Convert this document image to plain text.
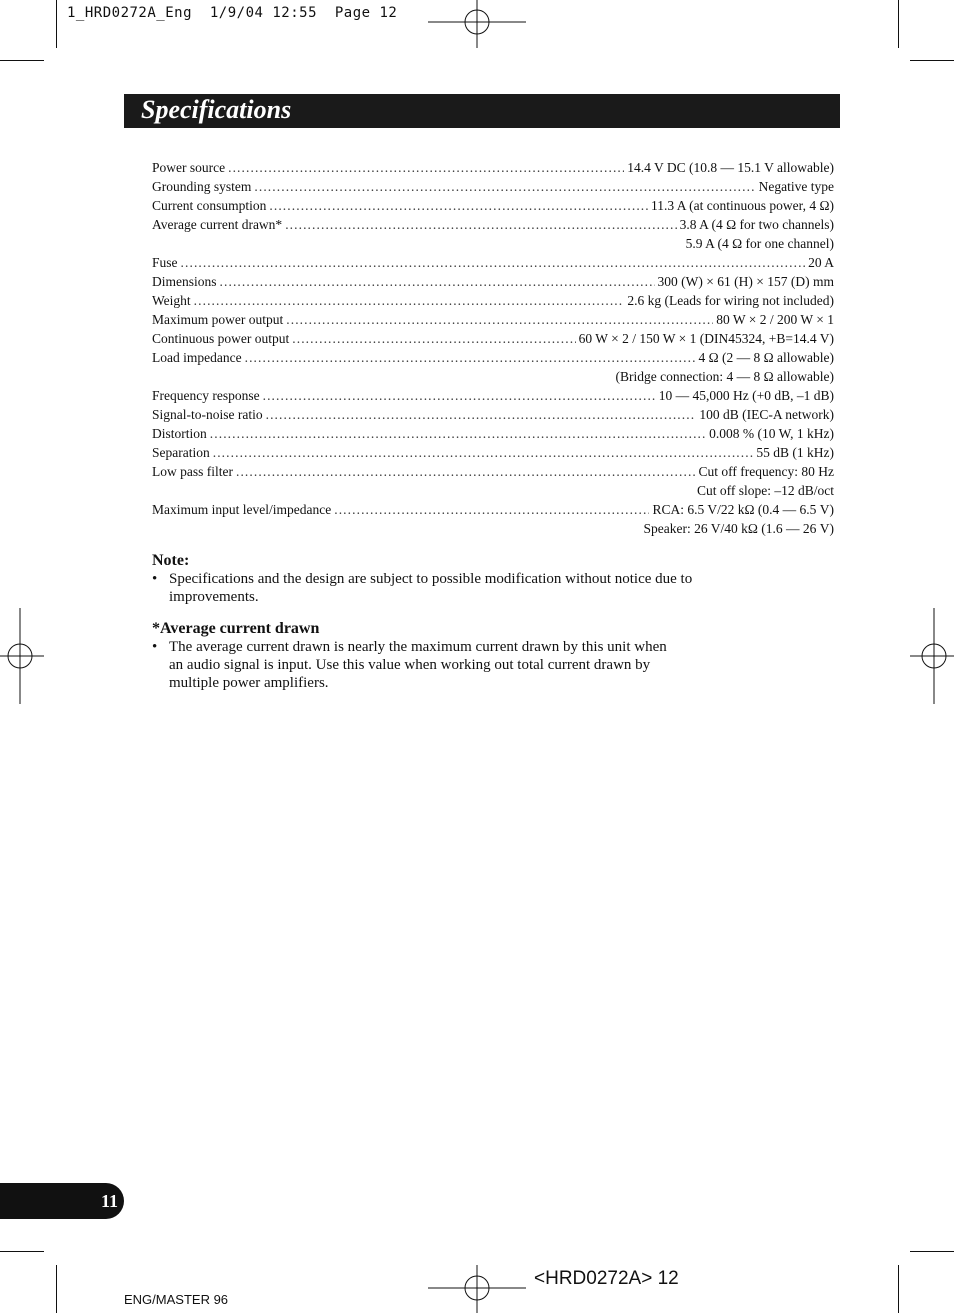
1_HRD0272A_Eng  1/9/04 12:55  Page 12
Specifications
Power source .....	14.4 V DC (10.8 — 15.1 V allowable)
Grounding system .....	Negative type
Current consumption .....	11.3 A (at continuous power, 4 Ω)
Average current drawn* .....	3.8 A (4 Ω for two channels)
5.9 A (4 Ω for one channel)
Fuse .....	20 A
Dimensions .....	300 (W) × 61 (H) × 157 (D) mm
Weight .....	2.6 kg (Leads for wiring not included)
Maximum power output .....	80 W × 2 / 200 W × 1
Continuous power output .....	60 W × 2 / 150 W × 1 (DIN45324, +B=14.4 V)
Load impedance .....	4 Ω (2 — 8 Ω allowable)
(Bridge connection: 4 — 8 Ω allowable)
Frequency response .....	10 — 45,000 Hz (+0 dB, –1 dB)
Signal-to-noise ratio .....	100 dB (IEC-A network)
Distortion .....	0.008 % (10 W, 1 kHz)
Separation .....	55 dB (1 kHz)
Low pass filter .....	Cut off frequency: 80 Hz
Cut off slope: –12 dB/oct
Maximum input level/impedance .....	RCA: 6.5 V/22 kΩ (0.4 — 6.5 V)
Speaker: 26 V/40 kΩ (1.6 — 26 V)

Note:

• Specifications and the design are subject to possible modification without notice due to improvements.

*Average current drawn

• The average current drawn is nearly the maximum current drawn by this unit when an audio signal is input. Use this value when working out total current drawn by multiple power amplifiers.
11
<HRD0272A> 12
ENG/MASTER 96
